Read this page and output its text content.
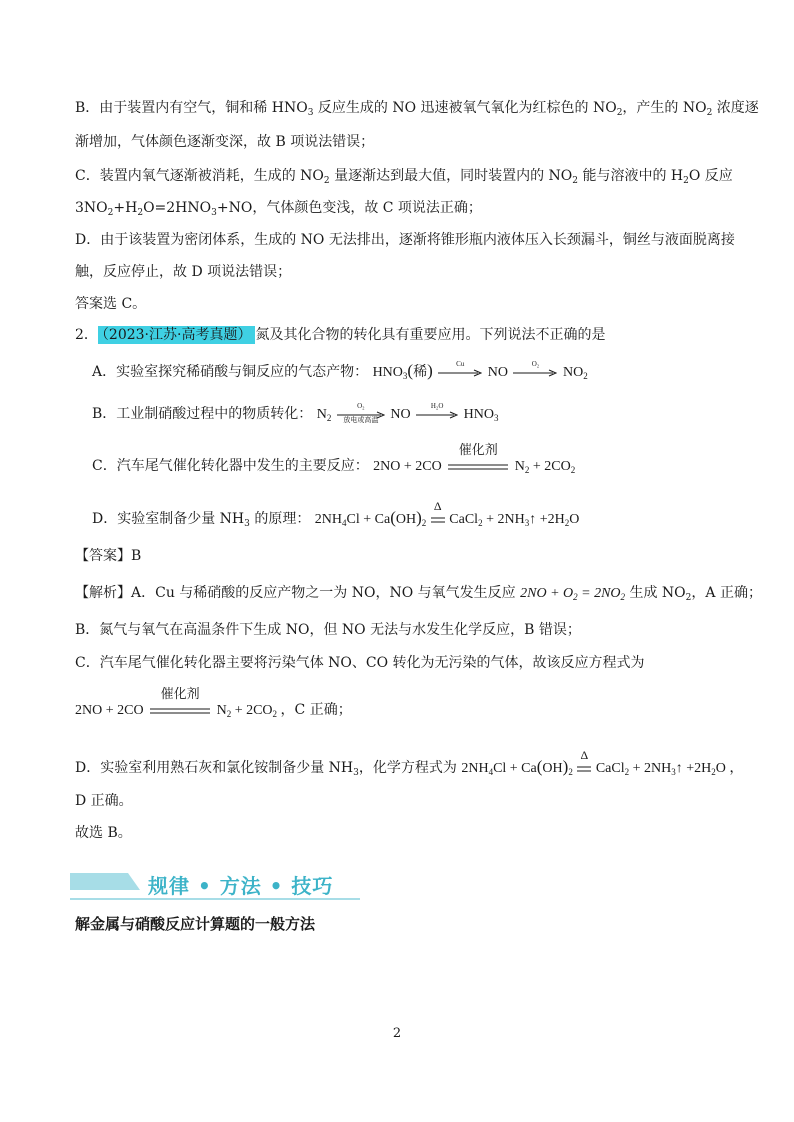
B．由于装置内有空气，铜和稀 $HNO_3$ 反应生成的 NO 迅速被氧气氧化为红棕色的 $NO_2$，产生的 $NO_2$ 浓度逐
渐增加，气体颜色逐渐变深，故 B 项说法错误；
C．装置内氧气逐渐被消耗，生成的 $NO_2$ 量逐渐达到最大值，同时装置内的 $NO_2$ 能与溶液中的 $H_2O$ 反应
$3NO_2+H_2O=2HNO_3+NO$，气体颜色变浅，故 C 项说法正确；
D．由于该装置为密闭体系，生成的 NO 无法排出，逐渐将锥形瓶内液体压入长颈漏斗，铜丝与液面脱离接
触，反应停止，故 D 项说法错误；
答案选 C。
2． （2023·江苏·高考真题） 氮及其化合物的转化具有重要应用。下列说法不正确的是
A．实验室探究稀硝酸与铜反应的气态产物： $HNO_3$(稀)	Cu
NO
O₂
$NO_2$
B．工业制硝酸过程中的物质转化： $N_2$
O₂
放电或高温 NO
H₂O
$HNO_3$
C．汽车尾气催化转化器中发生的主要反应： 2NO + 2CO
催化剂
$N_2 + 2CO_2$
D．实验室制备少量 $NH_3$ 的原理： $2NH_4Cl + Ca(OH)_2$
Δ
CaCl$_2$ + $2NH_3↑ +2H_2O$
【答案】B
【解析】A．Cu 与稀硝酸的反应产物之一为 NO，NO 与氧气发生反应 $2NO + O_2 = 2NO_2$ 生成 $NO_2$，A 正确；
B．氮气与氧气在高温条件下生成 NO，但 NO 无法与水发生化学反应，B 错误；
C．汽车尾气催化转化器主要将污染气体 NO、CO 转化为无污染的气体，故该反应方程式为
2NO + 2CO
催化剂
$N_2 + 2CO_2$ ，C 正确；
D．实验室利用熟石灰和氯化铵制备少量 $NH_3$，化学方程式为 $2NH_4Cl + Ca(OH)_2$
Δ
CaCl$_2$ + $2NH_3↑ +2H_2O$ ，
D 正确。
故选 B。
规律 • 方法 • 技巧
解金属与硝酸反应计算题的一般方法
2
